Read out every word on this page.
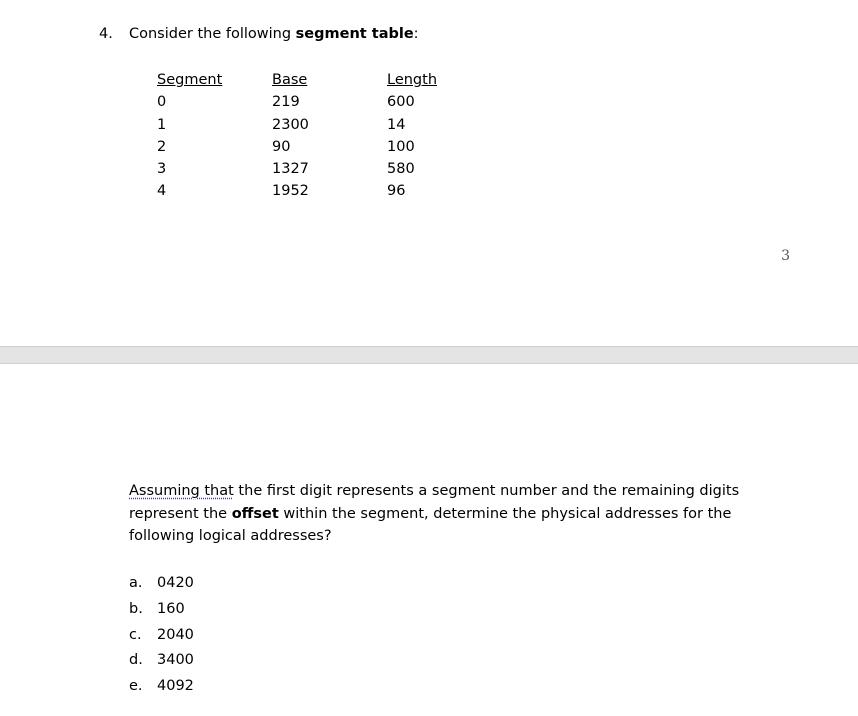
4. Consider the following segment table:
Segment	Base	Length
0	219	600
1	2300	14
2	90	100
3	1327	580
4	1952	96
3

Assuming that the first digit represents a segment number and the remaining digits

represent the offset within the segment, determine the physical addresses for the

following logical addresses?

a. 0420
b. 160
c. 2040
d. 3400
e. 4092
